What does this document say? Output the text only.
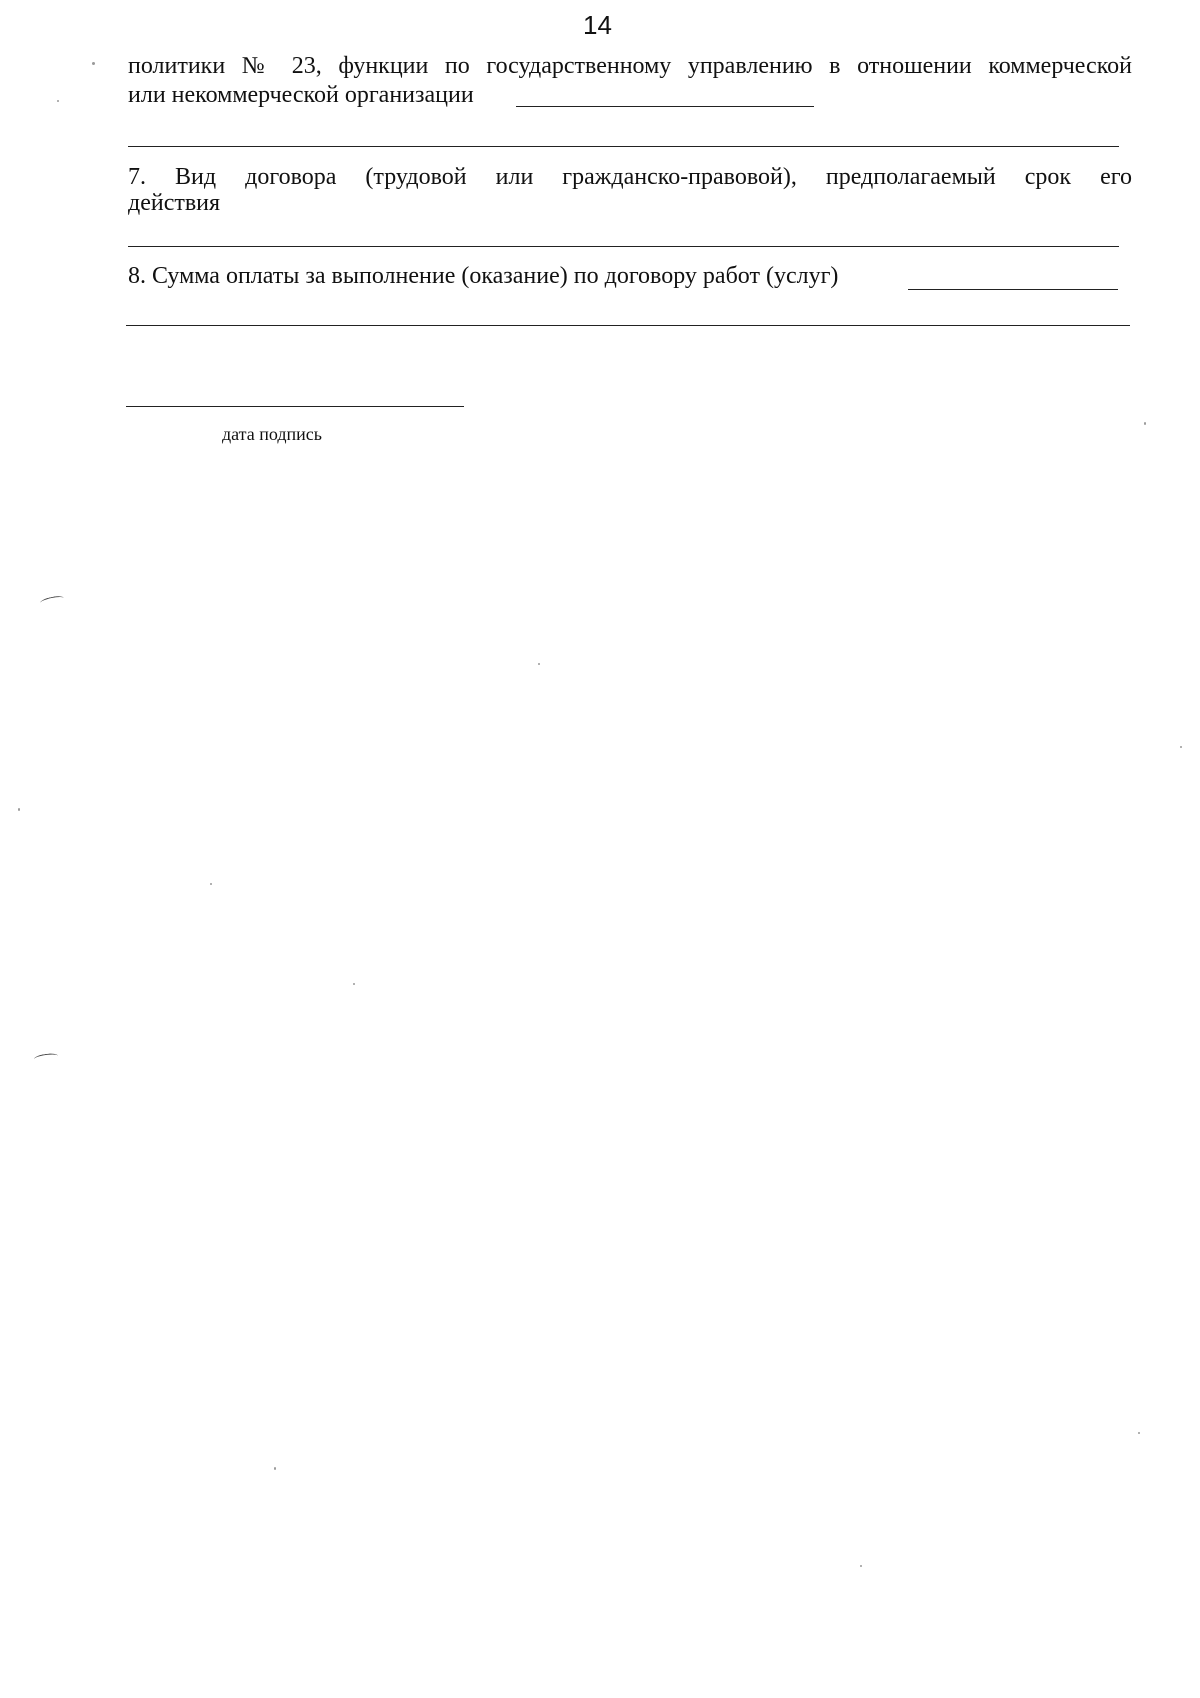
14
политики № 23, функции по государственному управлению в отношении коммерческой
или некоммерческой организации
7. Вид договора (трудовой или гражданско-правовой), предполагаемый срок его
действия
8. Сумма оплаты за выполнение (оказание) по договору работ (услуг)
дата подпись
